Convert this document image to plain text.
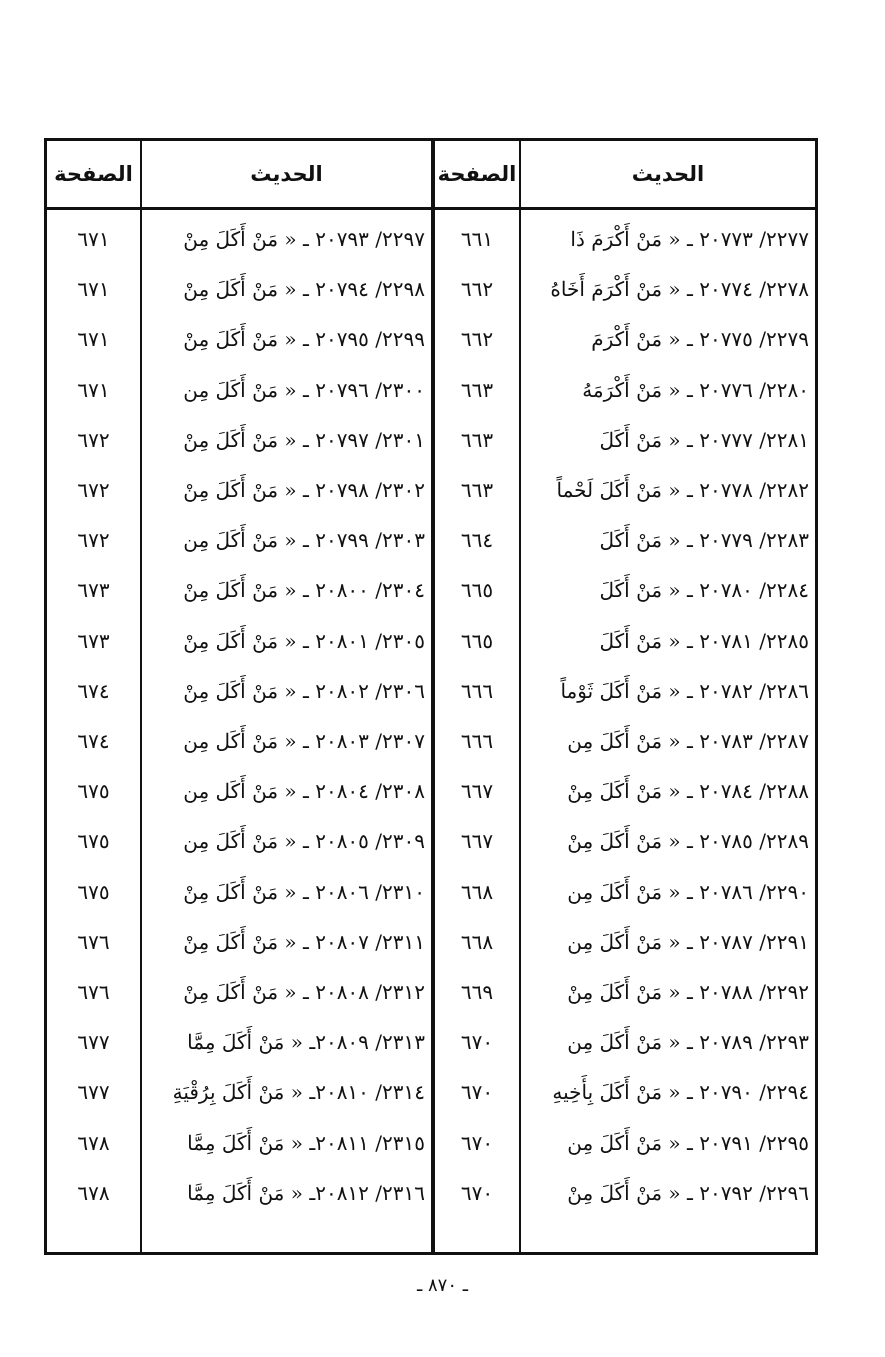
الحديث
الصفحة
الحديث
الصفحة
٢٢٧٧/ ٢٠٧٧٣ ـ « مَنْ أَكْرَمَ ذَا
٦٦١
٢٢٩٧/ ٢٠٧٩٣ ـ « مَنْ أَكَلَ مِنْ
٦٧١
٢٢٧٨/ ٢٠٧٧٤ ـ « مَنْ أَكْرَمَ أَخَاهُ
٦٦٢
٢٢٩٨/ ٢٠٧٩٤ ـ « مَنْ أَكَلَ مِنْ
٦٧١
٢٢٧٩/ ٢٠٧٧٥ ـ « مَنْ أَكْرَمَ
٦٦٢
٢٢٩٩/ ٢٠٧٩٥ ـ « مَنْ أَكَلَ مِنْ
٦٧١
٢٢٨٠/ ٢٠٧٧٦ ـ « مَنْ أَكْرَمَهُ
٦٦٣
٢٣٠٠/ ٢٠٧٩٦ ـ « مَنْ أَكَلَ مِن
٦٧١
٢٢٨١/ ٢٠٧٧٧ ـ « مَنْ أَكَلَ
٦٦٣
٢٣٠١/ ٢٠٧٩٧ ـ « مَنْ أَكَلَ مِنْ
٦٧٢
٢٢٨٢/ ٢٠٧٧٨ ـ « مَنْ أَكَلَ لَحْماً
٦٦٣
٢٣٠٢/ ٢٠٧٩٨ ـ « مَنْ أَكَلَ مِنْ
٦٧٢
٢٢٨٣/ ٢٠٧٧٩ ـ « مَنْ أَكَلَ
٦٦٤
٢٣٠٣/ ٢٠٧٩٩ ـ « مَنْ أَكَلَ مِن
٦٧٢
٢٢٨٤/ ٢٠٧٨٠ ـ « مَنْ أَكَلَ
٦٦٥
٢٣٠٤/ ٢٠٨٠٠ ـ « مَنْ أَكَلَ مِنْ
٦٧٣
٢٢٨٥/ ٢٠٧٨١ ـ « مَنْ أَكَلَ
٦٦٥
٢٣٠٥/ ٢٠٨٠١ ـ « مَنْ أَكَلَ مِنْ
٦٧٣
٢٢٨٦/ ٢٠٧٨٢ ـ « مَنْ أَكَلَ ثَوْماً
٦٦٦
٢٣٠٦/ ٢٠٨٠٢ ـ « مَنْ أَكَلَ مِنْ
٦٧٤
٢٢٨٧/ ٢٠٧٨٣ ـ « مَنْ أَكَلَ مِن
٦٦٦
٢٣٠٧/ ٢٠٨٠٣ ـ « مَنْ أَكَل مِن
٦٧٤
٢٢٨٨/ ٢٠٧٨٤ ـ « مَنْ أَكَلَ مِنْ
٦٦٧
٢٣٠٨/ ٢٠٨٠٤ ـ « مَنْ أَكَل مِن
٦٧٥
٢٢٨٩/ ٢٠٧٨٥ ـ « مَنْ أَكَلَ مِنْ
٦٦٧
٢٣٠٩/ ٢٠٨٠٥ ـ « مَنْ أَكَلَ مِن
٦٧٥
٢٢٩٠/ ٢٠٧٨٦ ـ « مَنْ أَكَلَ مِن
٦٦٨
٢٣١٠/ ٢٠٨٠٦ ـ « مَنْ أَكَلَ مِنْ
٦٧٥
٢٢٩١/ ٢٠٧٨٧ ـ « مَنْ أَكَلَ مِن
٦٦٨
٢٣١١/ ٢٠٨٠٧ ـ « مَنْ أَكَلَ مِنْ
٦٧٦
٢٢٩٢/ ٢٠٧٨٨ ـ « مَنْ أَكَلَ مِنْ
٦٦٩
٢٣١٢/ ٢٠٨٠٨ ـ « مَنْ أَكَلَ مِنْ
٦٧٦
٢٢٩٣/ ٢٠٧٨٩ ـ « مَنْ أَكَلَ مِن
٦٧٠
٢٣١٣/ ٢٠٨٠٩ـ « مَنْ أَكَلَ مِمَّا
٦٧٧
٢٢٩٤/ ٢٠٧٩٠ ـ « مَنْ أَكَلَ بِأَخِيهِ
٦٧٠
٢٣١٤/ ٢٠٨١٠ـ « مَنْ أَكَلَ بِرُقْيَةِ
٦٧٧
٢٢٩٥/ ٢٠٧٩١ ـ « مَنْ أَكَلَ مِن
٦٧٠
٢٣١٥/ ٢٠٨١١ـ « مَنْ أَكَلَ مِمَّا
٦٧٨
٢٢٩٦/ ٢٠٧٩٢ ـ « مَنْ أَكَلَ مِنْ
٦٧٠
٢٣١٦/ ٢٠٨١٢ـ « مَنْ أَكَلَ مِمَّا
٦٧٨
ـ ٨٧٠ ـ
